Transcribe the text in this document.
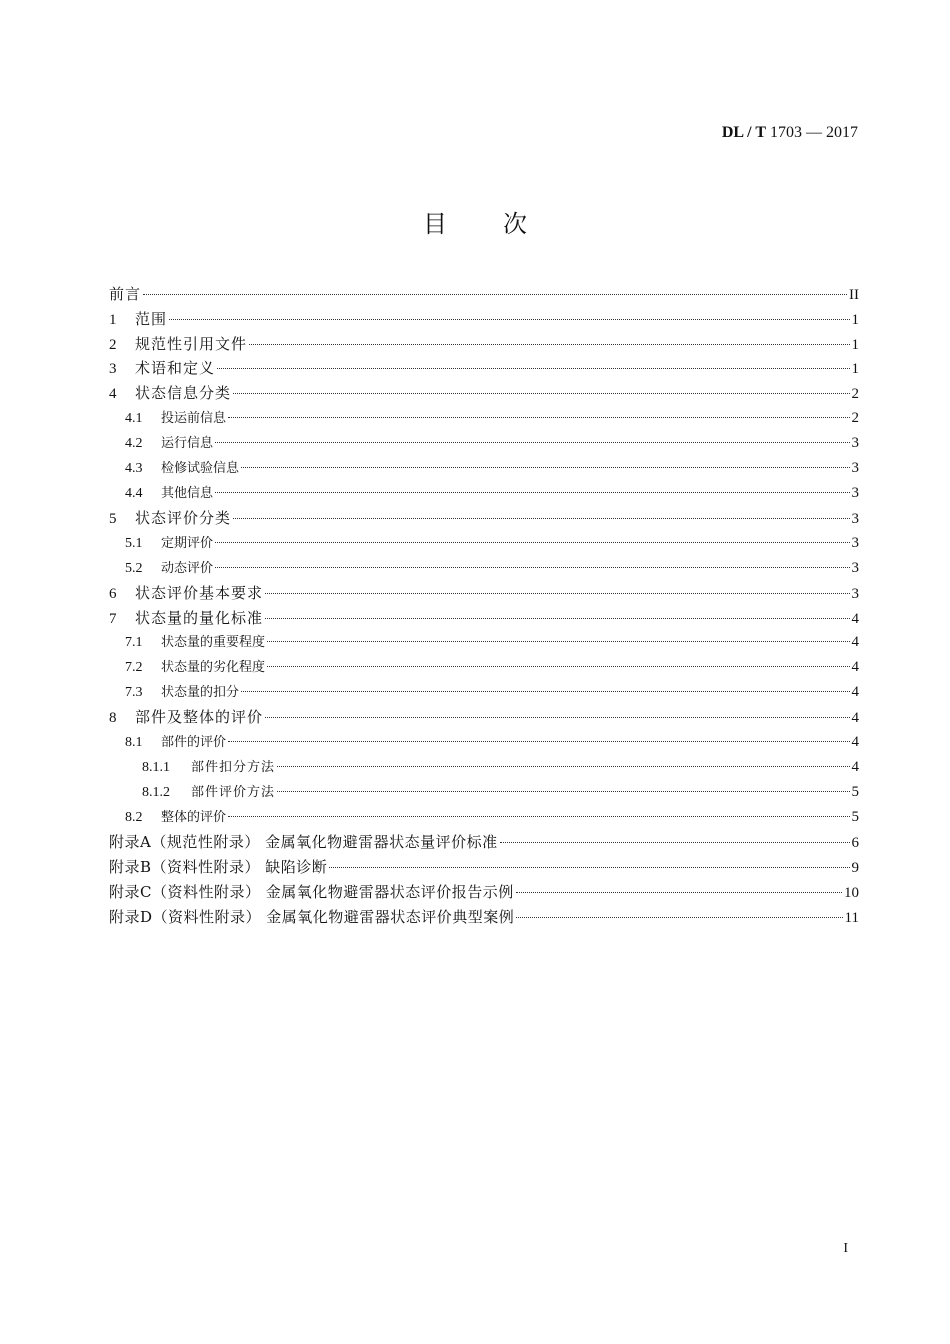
DL / T 1703 — 2017
目次
前言	II
1	范围	1
2	规范性引用文件	1
3	术语和定义	1
4	状态信息分类	2
4.1	投运前信息	2
4.2	运行信息	3
4.3	检修试验信息	3
4.4	其他信息	3
5	状态评价分类	3
5.1	定期评价	3
5.2	动态评价	3
6	状态评价基本要求	3
7	状态量的量化标准	4
7.1	状态量的重要程度	4
7.2	状态量的劣化程度	4
7.3	状态量的扣分	4
8	部件及整体的评价	4
8.1	部件的评价	4
8.1.1	部件扣分方法	4
8.1.2	部件评价方法	5
8.2	整体的评价	5
附录A（规范性附录） 金属氧化物避雷器状态量评价标准	6
附录B（资料性附录） 缺陷诊断	9
附录C（资料性附录） 金属氧化物避雷器状态评价报告示例	10
附录D（资料性附录） 金属氧化物避雷器状态评价典型案例	11
I
